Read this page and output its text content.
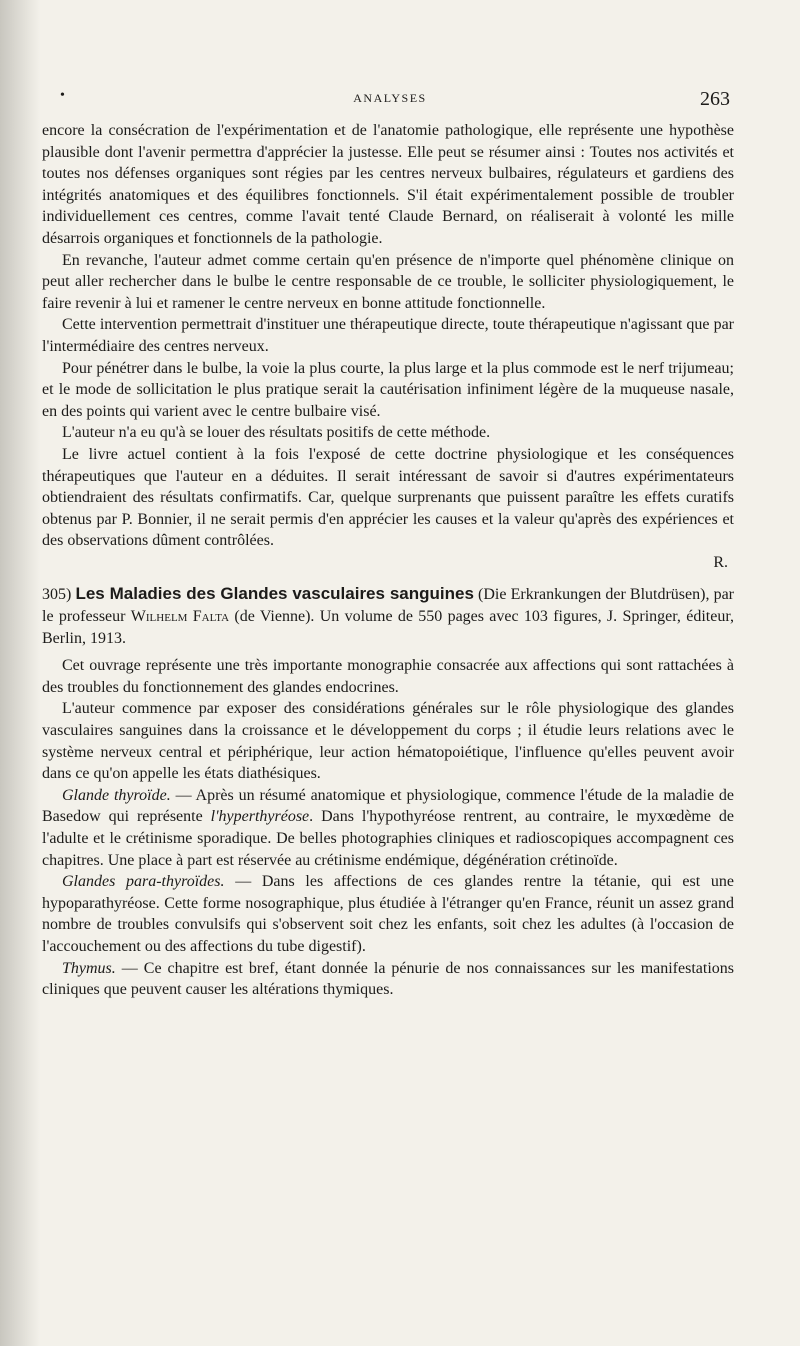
•	ANALYSES	263

encore la consécration de l'expérimentation et de l'anatomie pathologique, elle représente une hypothèse plausible dont l'avenir permettra d'apprécier la justesse. Elle peut se résumer ainsi : Toutes nos activités et toutes nos défenses organiques sont régies par les centres nerveux bulbaires, régulateurs et gardiens des intégrités anatomiques et des équilibres fonctionnels. S'il était expérimentalement possible de troubler individuellement ces centres, comme l'avait tenté Claude Bernard, on réaliserait à volonté les mille désarrois organiques et fonctionnels de la pathologie.

En revanche, l'auteur admet comme certain qu'en présence de n'importe quel phénomène clinique on peut aller rechercher dans le bulbe le centre responsable de ce trouble, le solliciter physiologiquement, le faire revenir à lui et ramener le centre nerveux en bonne attitude fonctionnelle.

Cette intervention permettrait d'instituer une thérapeutique directe, toute thérapeutique n'agissant que par l'intermédiaire des centres nerveux.

Pour pénétrer dans le bulbe, la voie la plus courte, la plus large et la plus commode est le nerf trijumeau; et le mode de sollicitation le plus pratique serait la cautérisation infiniment légère de la muqueuse nasale, en des points qui varient avec le centre bulbaire visé.

L'auteur n'a eu qu'à se louer des résultats positifs de cette méthode.

Le livre actuel contient à la fois l'exposé de cette doctrine physiologique et les conséquences thérapeutiques que l'auteur en a déduites. Il serait intéressant de savoir si d'autres expérimentateurs obtiendraient des résultats confirmatifs. Car, quelque surprenants que puissent paraître les effets curatifs obtenus par P. Bonnier, il ne serait permis d'en apprécier les causes et la valeur qu'après des expériences et des observations dûment contrôlées.

R.

305) Les Maladies des Glandes vasculaires sanguines (Die Erkrankungen der Blutdrüsen), par le professeur Wilhelm Falta (de Vienne). Un volume de 550 pages avec 103 figures, J. Springer, éditeur, Berlin, 1913.

Cet ouvrage représente une très importante monographie consacrée aux affections qui sont rattachées à des troubles du fonctionnement des glandes endocrines.

L'auteur commence par exposer des considérations générales sur le rôle physiologique des glandes vasculaires sanguines dans la croissance et le développement du corps ; il étudie leurs relations avec le système nerveux central et périphérique, leur action hématopoiétique, l'influence qu'elles peuvent avoir dans ce qu'on appelle les états diathésiques.

Glande thyroïde. — Après un résumé anatomique et physiologique, commence l'étude de la maladie de Basedow qui représente l'hyperthyréose. Dans l'hypothyréose rentrent, au contraire, le myxœdème de l'adulte et le crétinisme sporadique. De belles photographies cliniques et radioscopiques accompagnent ces chapitres. Une place à part est réservée au crétinisme endémique, dégénération crétinoïde.

Glandes para-thyroïdes. — Dans les affections de ces glandes rentre la tétanie, qui est une hypoparathyréose. Cette forme nosographique, plus étudiée à l'étranger qu'en France, réunit un assez grand nombre de troubles convulsifs qui s'observent soit chez les enfants, soit chez les adultes (à l'occasion de l'accouchement ou des affections du tube digestif).

Thymus. — Ce chapitre est bref, étant donnée la pénurie de nos connaissances sur les manifestations cliniques que peuvent causer les altérations thymiques.
